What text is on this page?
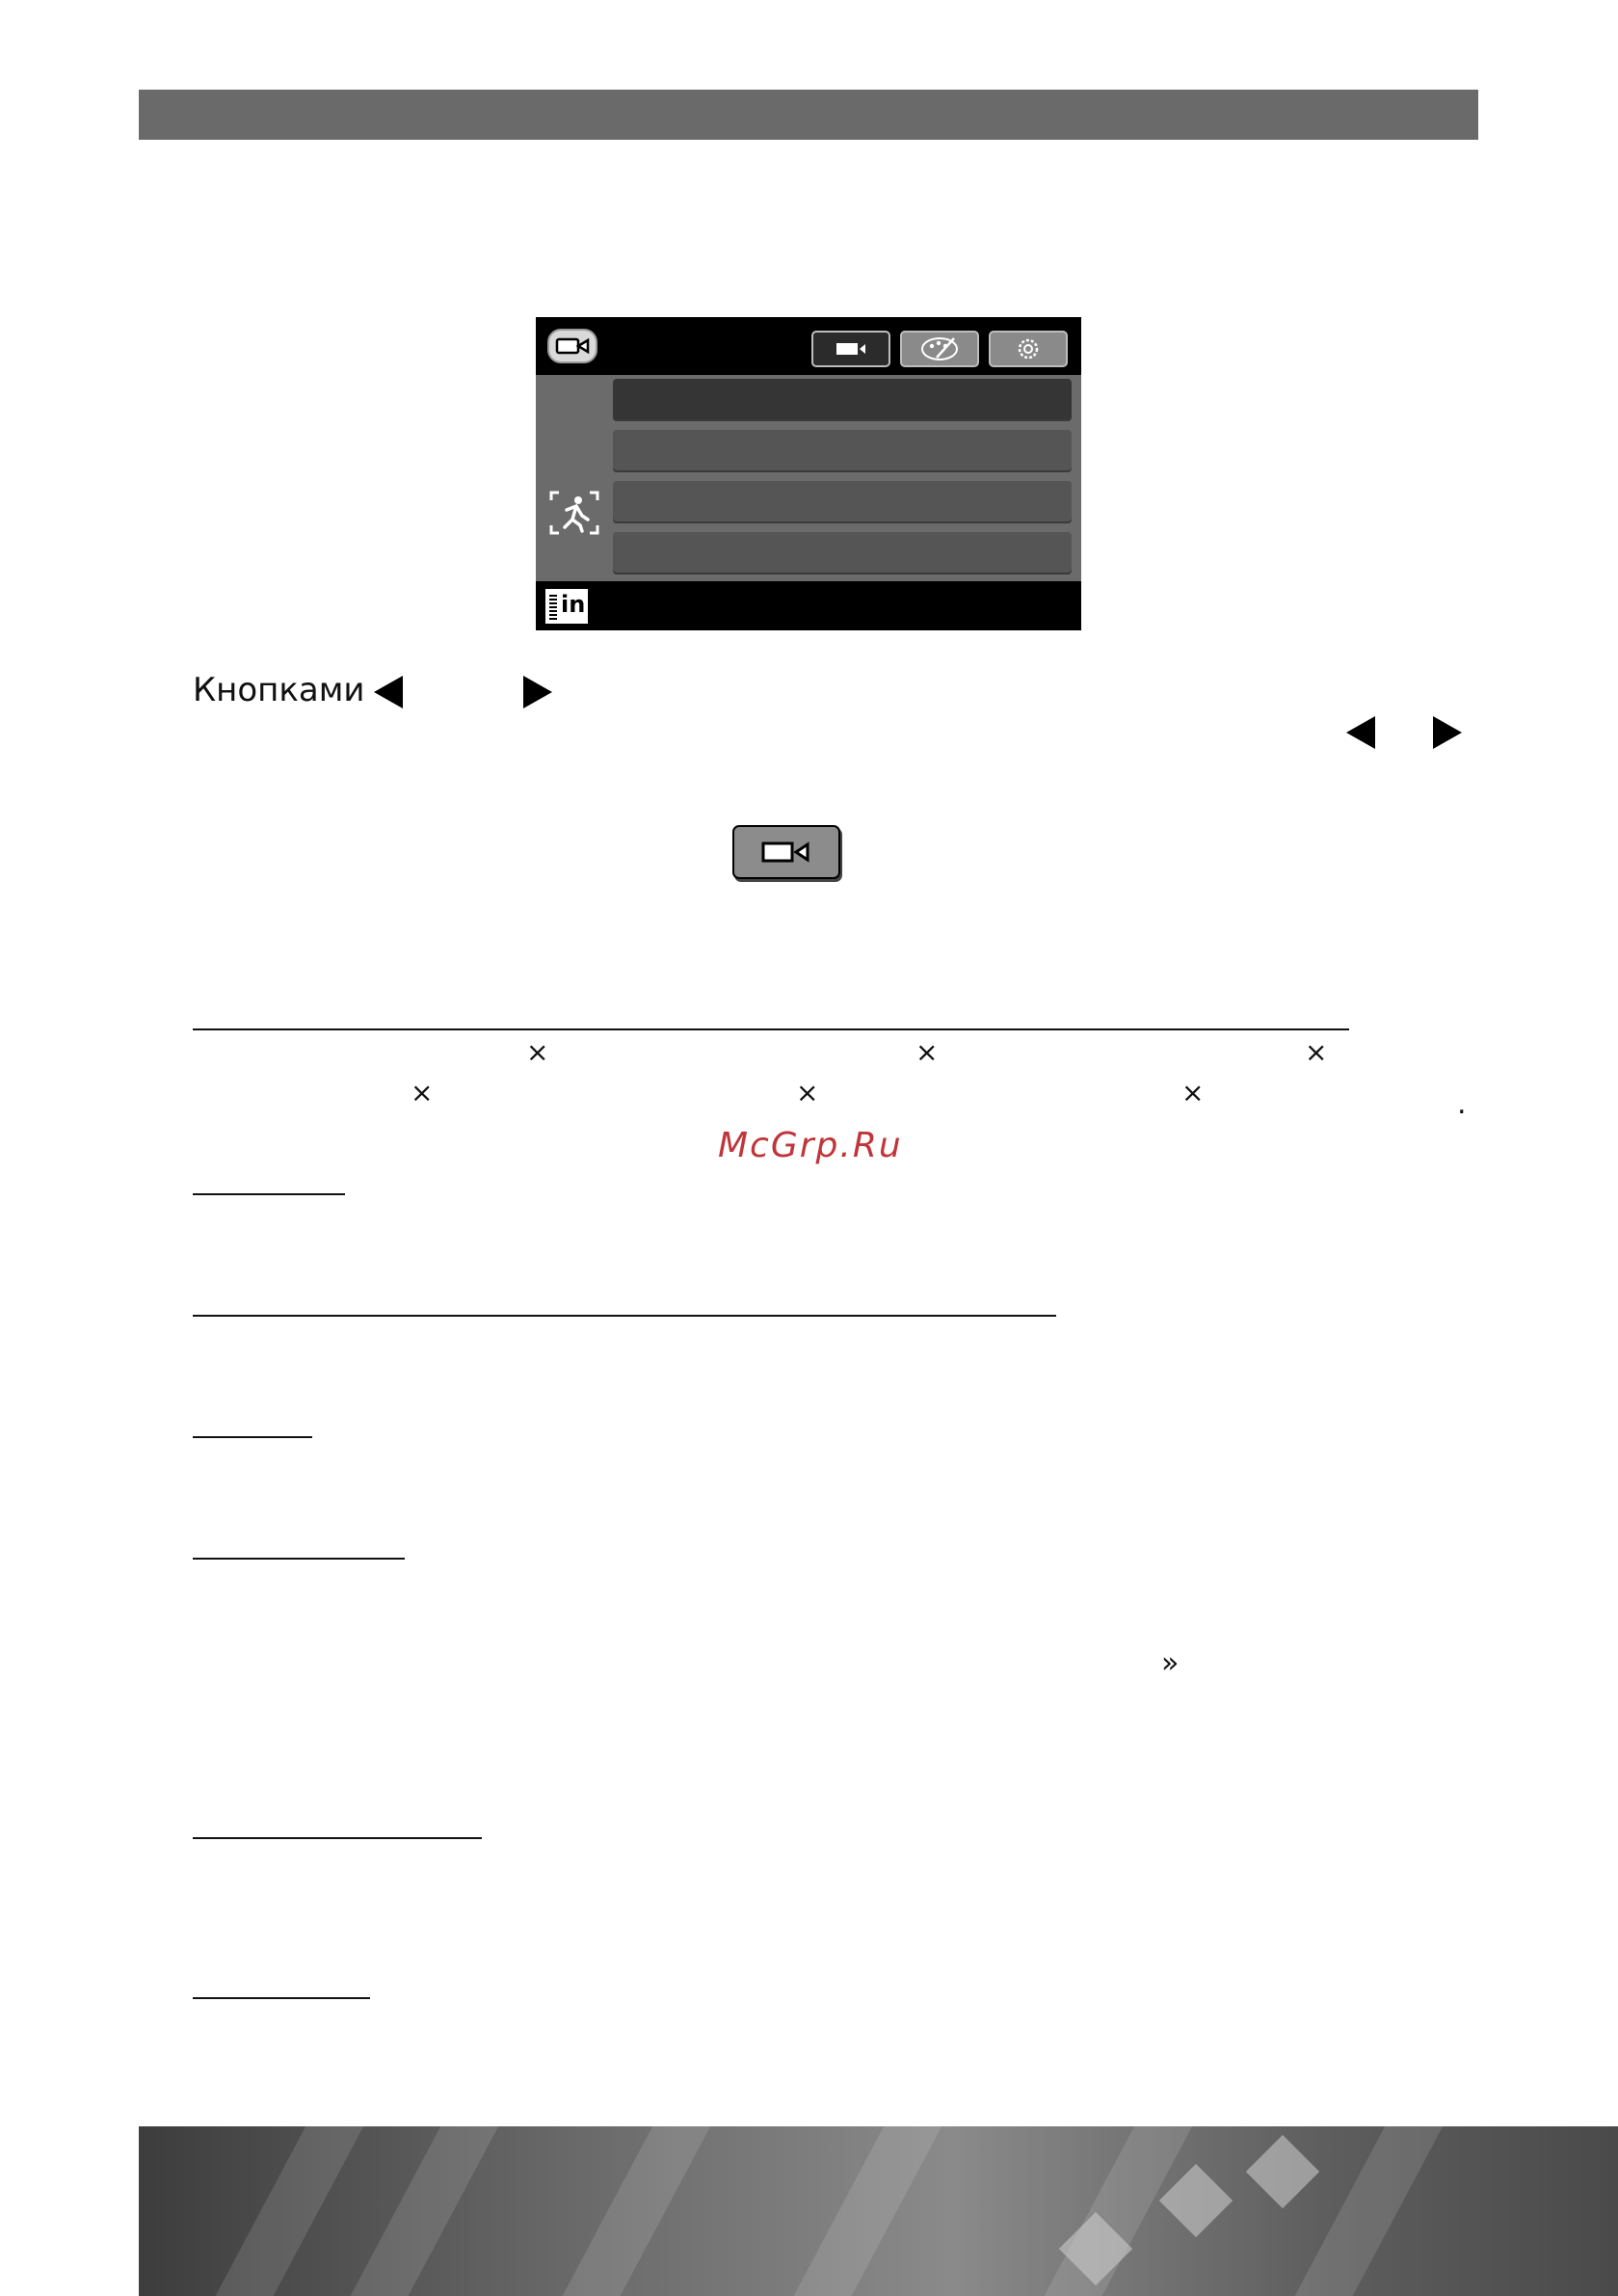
in
Кнопками
×	×	×
×	×	×	.
McGrp.Ru
»
